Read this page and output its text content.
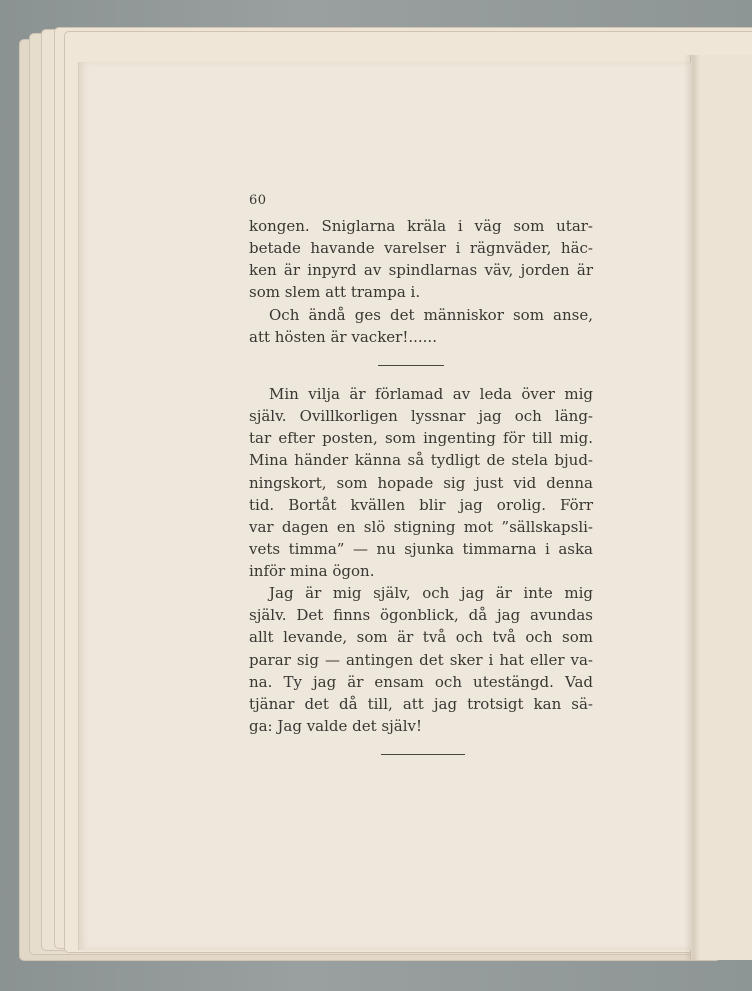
60
kongen. Sniglarna kräla i väg som utar-
betade havande varelser i rägnväder, häc-
ken är inpyrd av spindlarnas väv, jorden är
som slem att trampa i.
Och ändå ges det människor som anse,
att hösten är vacker!......
Min vilja är förlamad av leda över mig
själv. Ovillkorligen lyssnar jag och läng-
tar efter posten, som ingenting för till mig.
Mina händer känna så tydligt de stela bjud-
ningskort, som hopade sig just vid denna
tid. Bortåt kvällen blir jag orolig. Förr
var dagen en slö stigning mot ”sällskapsli-
vets timma” — nu sjunka timmarna i aska
inför mina ögon.
Jag är mig själv, och jag är inte mig
själv. Det finns ögonblick, då jag avundas
allt levande, som är två och två och som
parar sig — antingen det sker i hat eller va-
na. Ty jag är ensam och utestängd. Vad
tjänar det då till, att jag trotsigt kan sä-
ga: Jag valde det själv!
